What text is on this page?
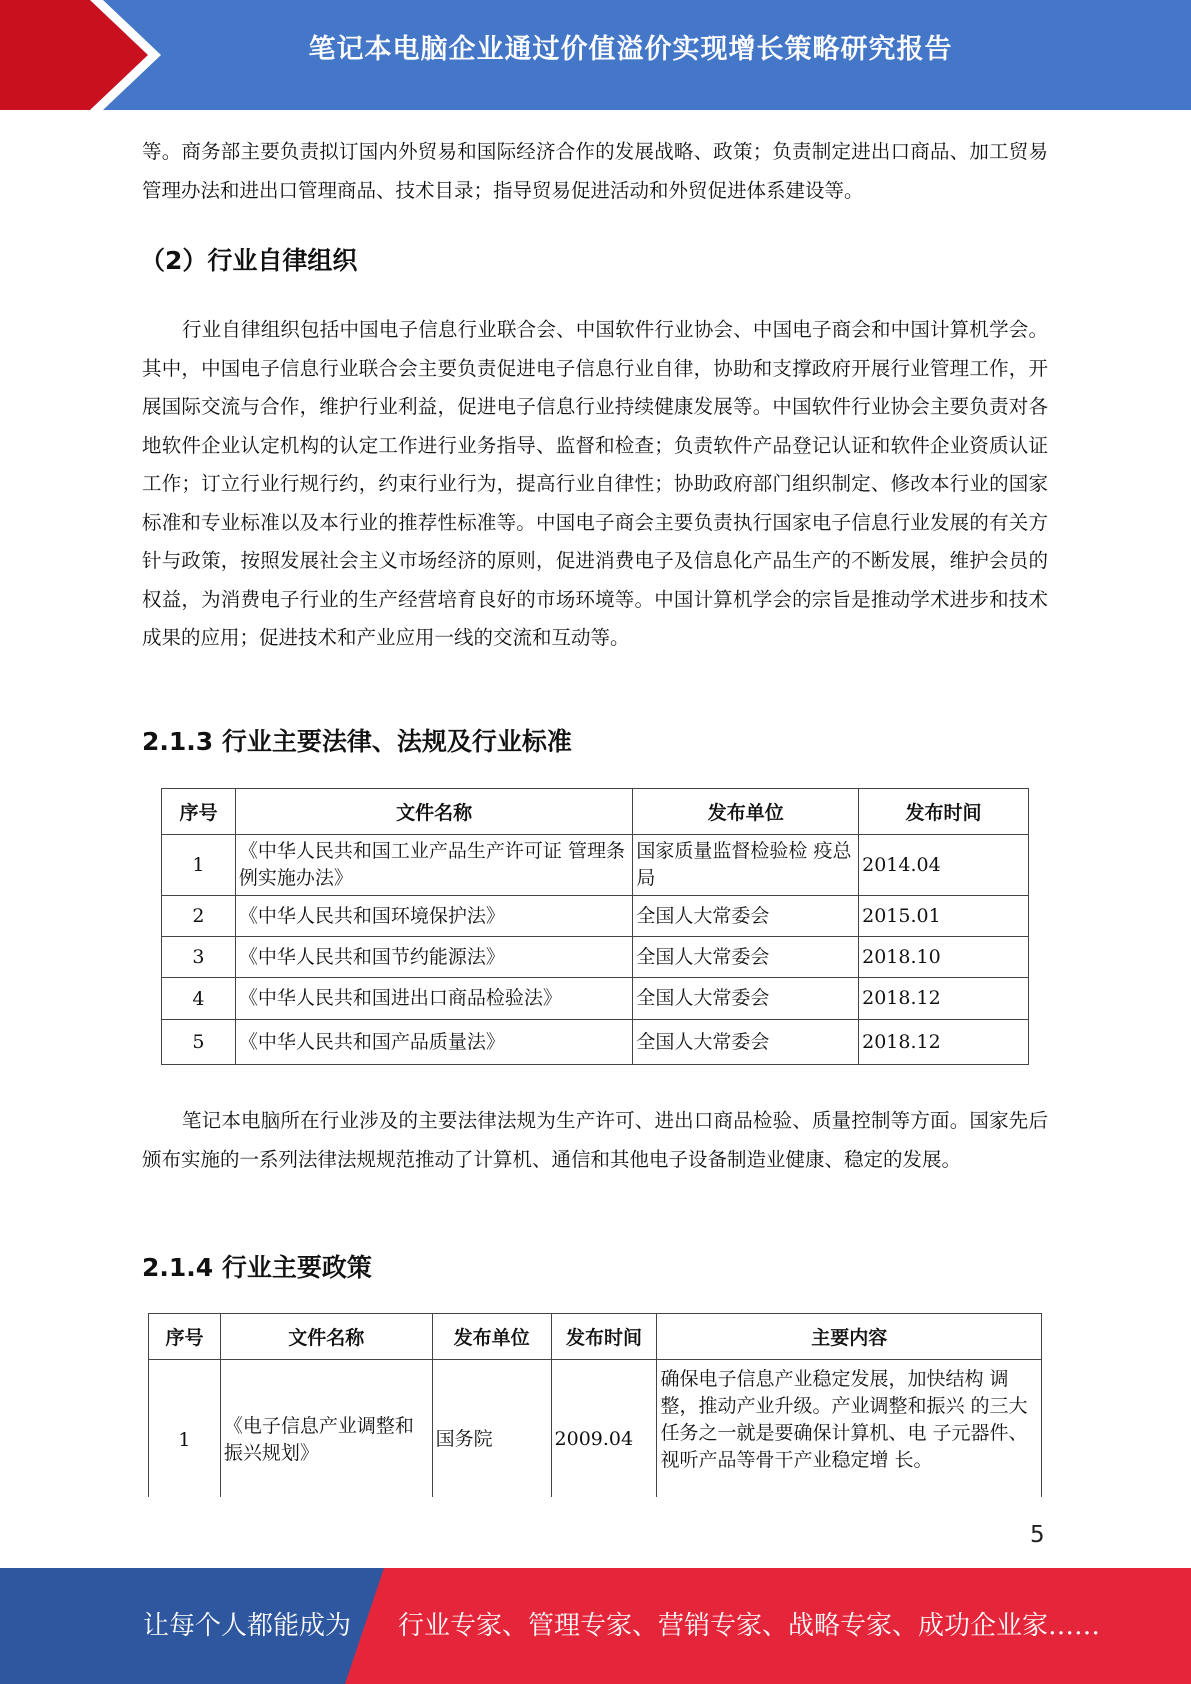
笔记本电脑企业通过价值溢价实现增长策略研究报告

等。商务部主要负责拟订国内外贸易和国际经济合作的发展战略、政策；负责制定进出口商品、加工贸易管理办法和进出口管理商品、技术目录；指导贸易促进活动和外贸促进体系建设等。

（2）行业自律组织

行业自律组织包括中国电子信息行业联合会、中国软件行业协会、中国电子商会和中国计算机学会。其中，中国电子信息行业联合会主要负责促进电子信息行业自律，协助和支撑政府开展行业管理工作，开展国际交流与合作，维护行业利益，促进电子信息行业持续健康发展等。中国软件行业协会主要负责对各地软件企业认定机构的认定工作进行业务指导、监督和检查；负责软件产品登记认证和软件企业资质认证工作；订立行业行规行约，约束行业行为，提高行业自律性；协助政府部门组织制定、修改本行业的国家标准和专业标准以及本行业的推荐性标准等。中国电子商会主要负责执行国家电子信息行业发展的有关方针与政策，按照发展社会主义市场经济的原则，促进消费电子及信息化产品生产的不断发展，维护会员的权益，为消费电子行业的生产经营培育良好的市场环境等。中国计算机学会的宗旨是推动学术进步和技术成果的应用；促进技术和产业应用一线的交流和互动等。

2.1.3 行业主要法律、法规及行业标准
序号	文件名称	发布单位	发布时间
1	《中华人民共和国工业产品生产许可证 管理条例实施办法》	国家质量监督检验检 疫总局	2014.04
2	《中华人民共和国环境保护法》	全国人大常委会	2015.01
3	《中华人民共和国节约能源法》	全国人大常委会	2018.10
4	《中华人民共和国进出口商品检验法》	全国人大常委会	2018.12
5	《中华人民共和国产品质量法》	全国人大常委会	2018.12

笔记本电脑所在行业涉及的主要法律法规为生产许可、进出口商品检验、质量控制等方面。国家先后颁布实施的一系列法律法规规范推动了计算机、通信和其他电子设备制造业健康、稳定的发展。

2.1.4 行业主要政策
序号	文件名称	发布单位	发布时间	主要内容
1	《电子信息产业调整和振兴规划》	国务院	2009.04	确保电子信息产业稳定发展，加快结构 调整，推动产业升级。产业调整和振兴 的三大任务之一就是要确保计算机、电 子元器件、视听产品等骨干产业稳定增 长。
5
让每个人都能成为 行业专家、管理专家、营销专家、战略专家、成功企业家……
